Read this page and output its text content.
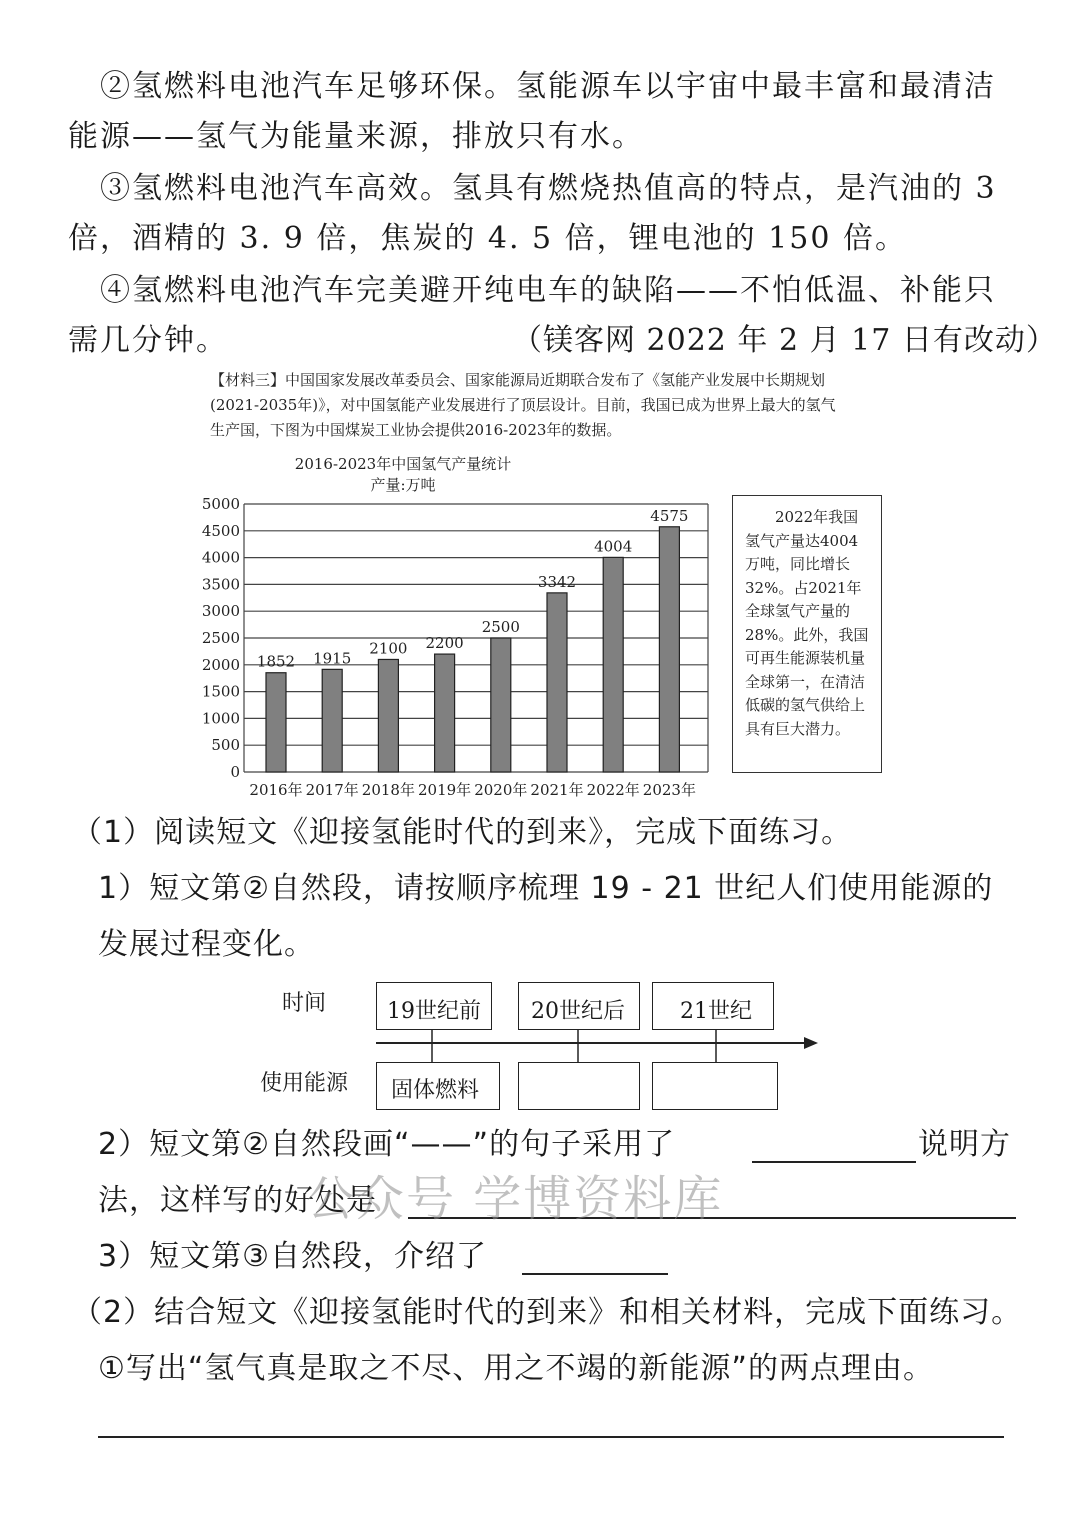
②氢燃料电池汽车足够环保。氢能源车以宇宙中最丰富和最清洁
能源——氢气为能量来源，排放只有水。
③氢燃料电池汽车高效。氢具有燃烧热值高的特点，是汽油的 3
倍，酒精的 3. 9 倍，焦炭的 4. 5 倍，锂电池的 150 倍。
④氢燃料电池汽车完美避开纯电车的缺陷——不怕低温、补能只
需几分钟。	（镁客网 2022 年 2 月 17 日有改动）
【材料三】中国国家发展改革委员会、国家能源局近期联合发布了《氢能产业发展中长期规划
(2021-2035年)》，对中国氢能产业发展进行了顶层设计。目前，我国已成为世界上最大的氢气
生产国，下图为中国煤炭工业协会提供2016-2023年的数据。
2016-2023年中国氢气产量统计
产量:万吨
0
500
1000
1500
2000
2500
3000
3500
4000
4500
5000
1852
2016年
1915
2017年
2100
2018年
2200
2019年
2500
2020年
3342
2021年
4004
2022年
4575
2023年
2022年我国氢气产量达4004万吨，同比增长32%。占2021年全球氢气产量的28%。此外，我国可再生能源装机量全球第一，在清洁低碳的氢气供给上具有巨大潜力。
（1）阅读短文《迎接氢能时代的到来》，完成下面练习。
1）短文第②自然段，请按顺序梳理 19 - 21 世纪人们使用能源的
发展过程变化。
时间
使用能源
19世纪前 20世纪后	21世纪
固体燃料
2）短文第②自然段画“——”的句子采用了	说明方
法，这样写的好处是
3）短文第③自然段，介绍了
（2）结合短文《迎接氢能时代的到来》和相关材料，完成下面练习。
①写出“氢气真是取之不尽、用之不竭的新能源”的两点理由。
公众号 学博资料库
